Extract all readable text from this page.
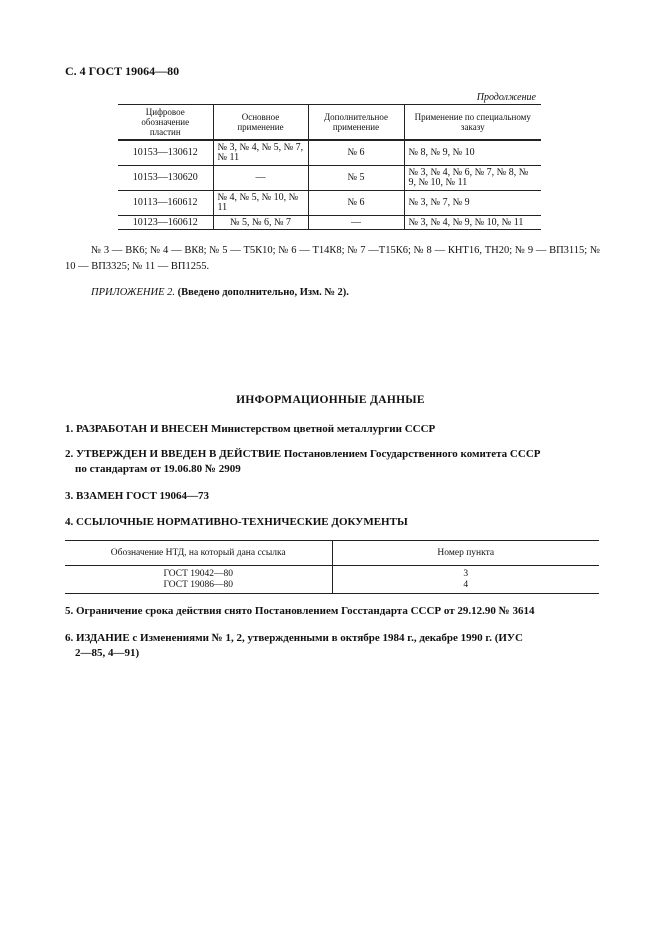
С. 4 ГОСТ 19064—80
Продолжение
Цифровое обозначение пластин	Основное применение	Дополнительное применение	Применение по специальному заказу
10153—130612	№ 3, № 4, № 5, № 7, № 11	№ 6	№ 8, № 9, № 10
10153—130620	—	№ 5	№ 3, № 4, № 6, № 7, № 8, № 9, № 10, № 11
10113—160612	№ 4, № 5, № 10, № 11	№ 6	№ 3, № 7, № 9
10123—160612	№ 5, № 6, № 7	—	№ 3, № 4, № 9, № 10, № 11
№ 3 — ВК6; № 4 — ВК8; № 5 — Т5К10; № 6 — Т14К8; № 7 —Т15К6; № 8 — КНТ16, ТН20; № 9 — ВП3115; № 10 — ВП3325; № 11 — ВП1255.
ПРИЛОЖЕНИЕ 2. (Введено дополнительно, Изм. № 2).
ИНФОРМАЦИОННЫЕ ДАННЫЕ
1. РАЗРАБОТАН И ВНЕСЕН Министерством цветной металлургии СССР
2. УТВЕРЖДЕН И ВВЕДЕН В ДЕЙСТВИЕ Постановлением Государственного комитета СССР
по стандартам от 19.06.80 № 2909
3. ВЗАМЕН ГОСТ 19064—73
4. ССЫЛОЧНЫЕ НОРМАТИВНО-ТЕХНИЧЕСКИЕ ДОКУМЕНТЫ
Обозначение НТД, на который дана ссылка	Номер пункта
ГОСТ 19042—80	3
ГОСТ 19086—80	4
5. Ограничение срока действия снято Постановлением Госстандарта СССР от 29.12.90 № 3614
6. ИЗДАНИЕ с Изменениями № 1, 2, утвержденными в октябре 1984 г., декабре 1990 г. (ИУС
2—85, 4—91)
